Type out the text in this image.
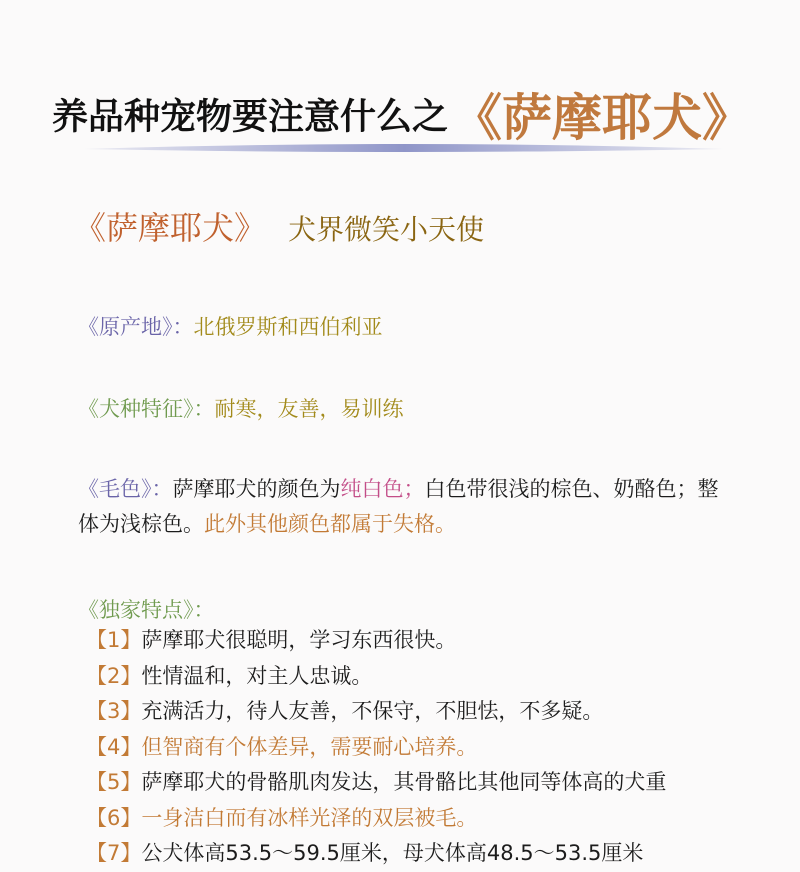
养品种宠物要注意什么之《萨摩耶犬》
《萨摩耶犬》 犬界微笑小天使
《原产地》：北俄罗斯和西伯利亚
《犬种特征》：耐寒，友善，易训练
《毛色》：萨摩耶犬的颜色为纯白色；白色带很浅的棕色、奶酪色；整体为浅棕色。此外其他颜色都属于失格。
《独家特点》：
【1】萨摩耶犬很聪明，学习东西很快。
【2】性情温和，对主人忠诚。
【3】充满活力，待人友善，不保守，不胆怯，不多疑。
【4】但智商有个体差异，需要耐心培养。
【5】萨摩耶犬的骨骼肌肉发达，其骨骼比其他同等体高的犬重
【6】一身洁白而有冰样光泽的双层被毛。
【7】公犬体高53.5～59.5厘米，母犬体高48.5～53.5厘米
